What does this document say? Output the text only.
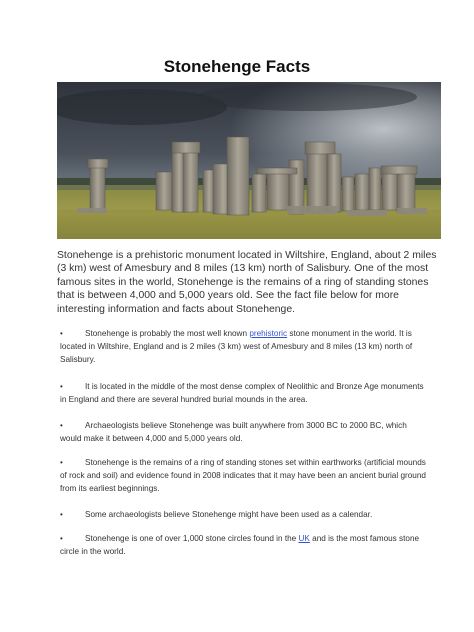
Stonehenge Facts

Stonehenge is a prehistoric monument located in Wiltshire, England, about 2 miles (3 km) west of Amesbury and 8 miles (13 km) north of Salisbury. One of the most famous sites in the world, Stonehenge is the remains of a ring of standing stones that is between 4,000 and 5,000 years old. See the fact file below for more interesting information and facts about Stonehenge.

•	Stonehenge is probably the most well known prehistoric stone monument in the world. It is located in Wiltshire, England and is 2 miles (3 km) west of Amesbury and 8 miles (13 km) north of Salisbury.
•	It is located in the middle of the most dense complex of Neolithic and Bronze Age monuments in England and there are several hundred burial mounds in the area.
•	Archaeologists believe Stonehenge was built anywhere from 3000 BC to 2000 BC, which would make it between 4,000 and 5,000 years old.
•	Stonehenge is the remains of a ring of standing stones set within earthworks (artificial mounds of rock and soil) and evidence found in 2008 indicates that it may have been an ancient burial ground from its earliest beginnings.
•	Some archaeologists believe Stonehenge might have been used as a calendar.
•	Stonehenge is one of over 1,000 stone circles found in the UK and is the most famous stone circle in the world.
